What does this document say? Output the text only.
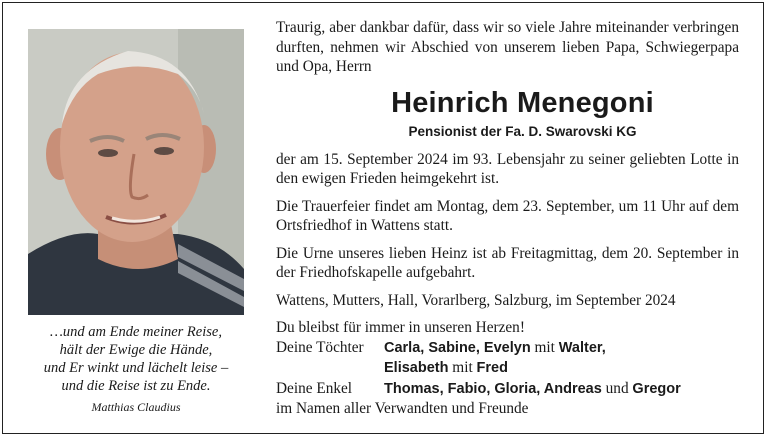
…und am Ende meiner Reise,
hält der Ewige die Hände,
und Er winkt und lächelt leise –
und die Reise ist zu Ende.
Matthias Claudius

Traurig, aber dankbar dafür, dass wir so viele Jahre miteinander verbringen durften, nehmen wir Abschied von unserem lieben Papa, Schwiegerpapa und Opa, Herrn

Heinrich Menegoni
Pensionist der Fa. D. Swarovski KG

der am 15. September 2024 im 93. Lebensjahr zu seiner geliebten Lotte in den ewigen Frieden heimgekehrt ist.

Die Trauerfeier findet am Montag, dem 23. September, um 11 Uhr auf dem Ortsfriedhof in Wattens statt.

Die Urne unseres lieben Heinz ist ab Freitagmittag, dem 20. September in der Friedhofskapelle aufgebahrt.

Wattens, Mutters, Hall, Vorarlberg, Salzburg, im September 2024

Du bleibst für immer in unseren Herzen!

Deine Töchter	Carla, Sabine, Evelyn mit Walter,
Elisabeth mit Fred
Deine Enkel	Thomas, Fabio, Gloria, Andreas und Gregor
im Namen aller Verwandten und Freunde
